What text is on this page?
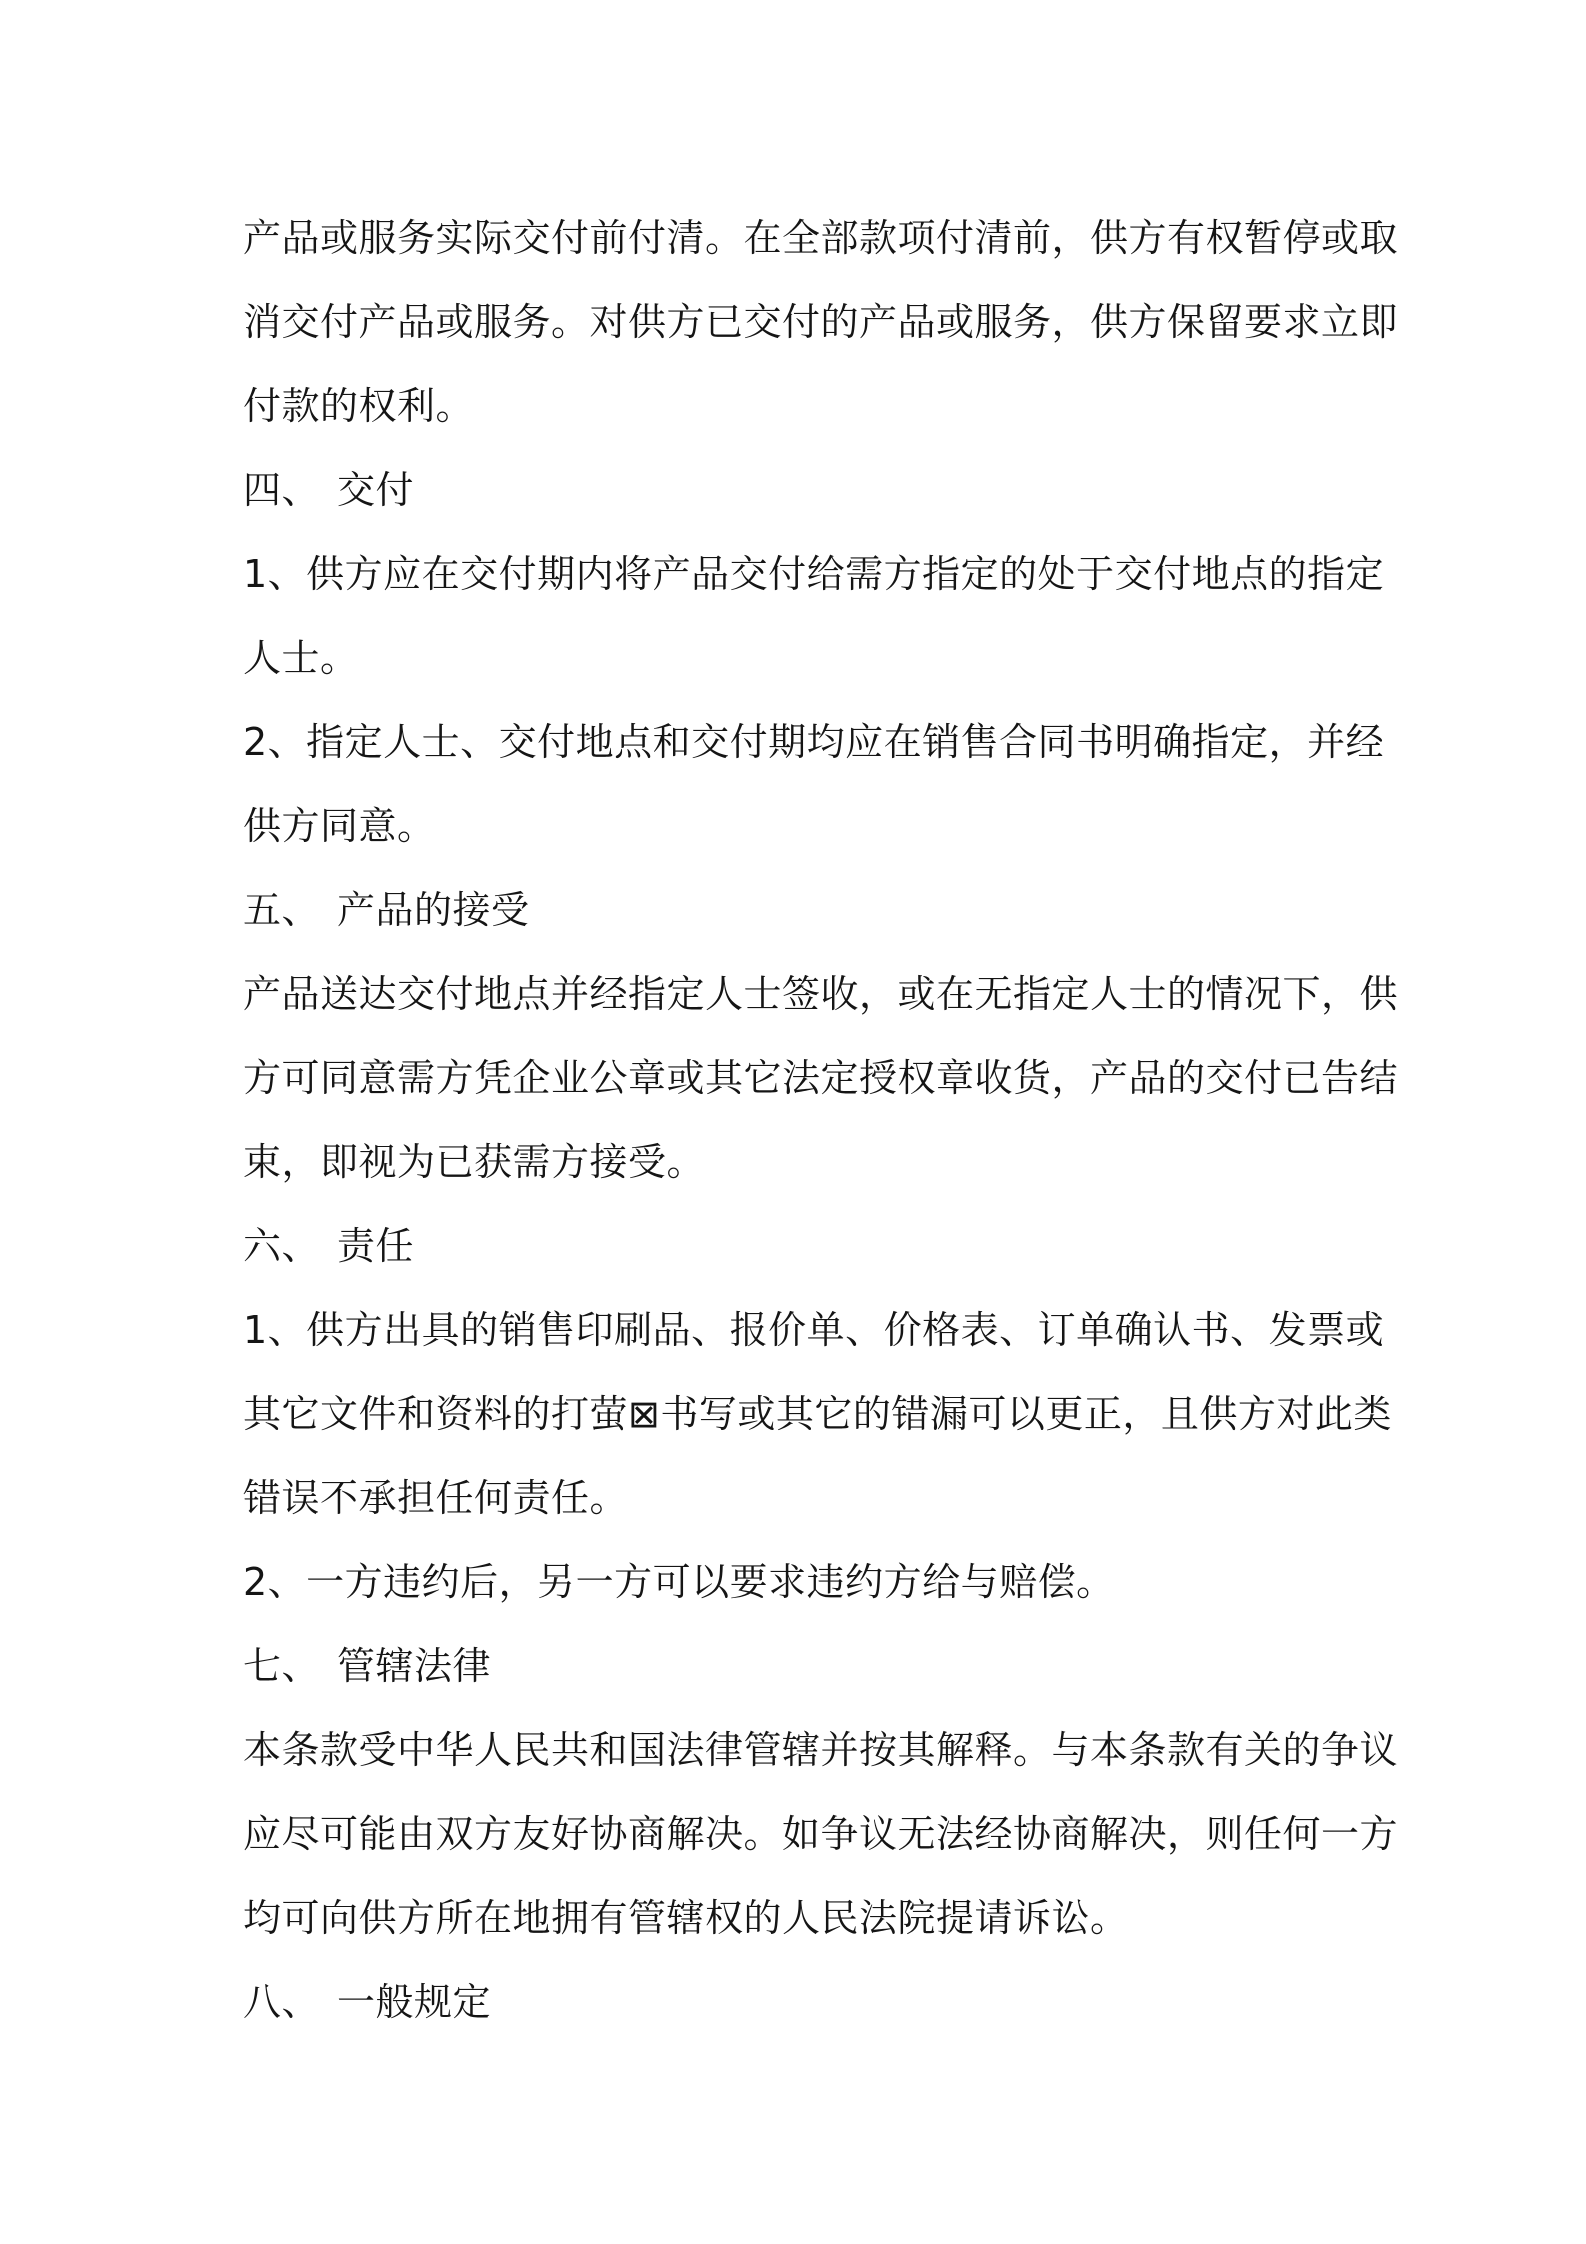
产品或服务实际交付前付清。在全部款项付清前，供方有权暂停或取
消交付产品或服务。对供方已交付的产品或服务，供方保留要求立即
付款的权利。
四、 交付
1、供方应在交付期内将产品交付给需方指定的处于交付地点的指定
人士。
2、指定人士、交付地点和交付期均应在销售合同书明确指定，并经
供方同意。
五、 产品的接受
产品送达交付地点并经指定人士签收，或在无指定人士的情况下，供
方可同意需方凭企业公章或其它法定授权章收货，产品的交付已告结
束，即视为已获需方接受。
六、 责任
1、供方出具的销售印刷品、报价单、价格表、订单确认书、发票或
其它文件和资料的打萤⊠书写或其它的错漏可以更正，且供方对此类
错误不承担任何责任。
2、一方违约后，另一方可以要求违约方给与赔偿。
七、 管辖法律
本条款受中华人民共和国法律管辖并按其解释。与本条款有关的争议
应尽可能由双方友好协商解决。如争议无法经协商解决，则任何一方
均可向供方所在地拥有管辖权的人民法院提请诉讼。
八、 一般规定
